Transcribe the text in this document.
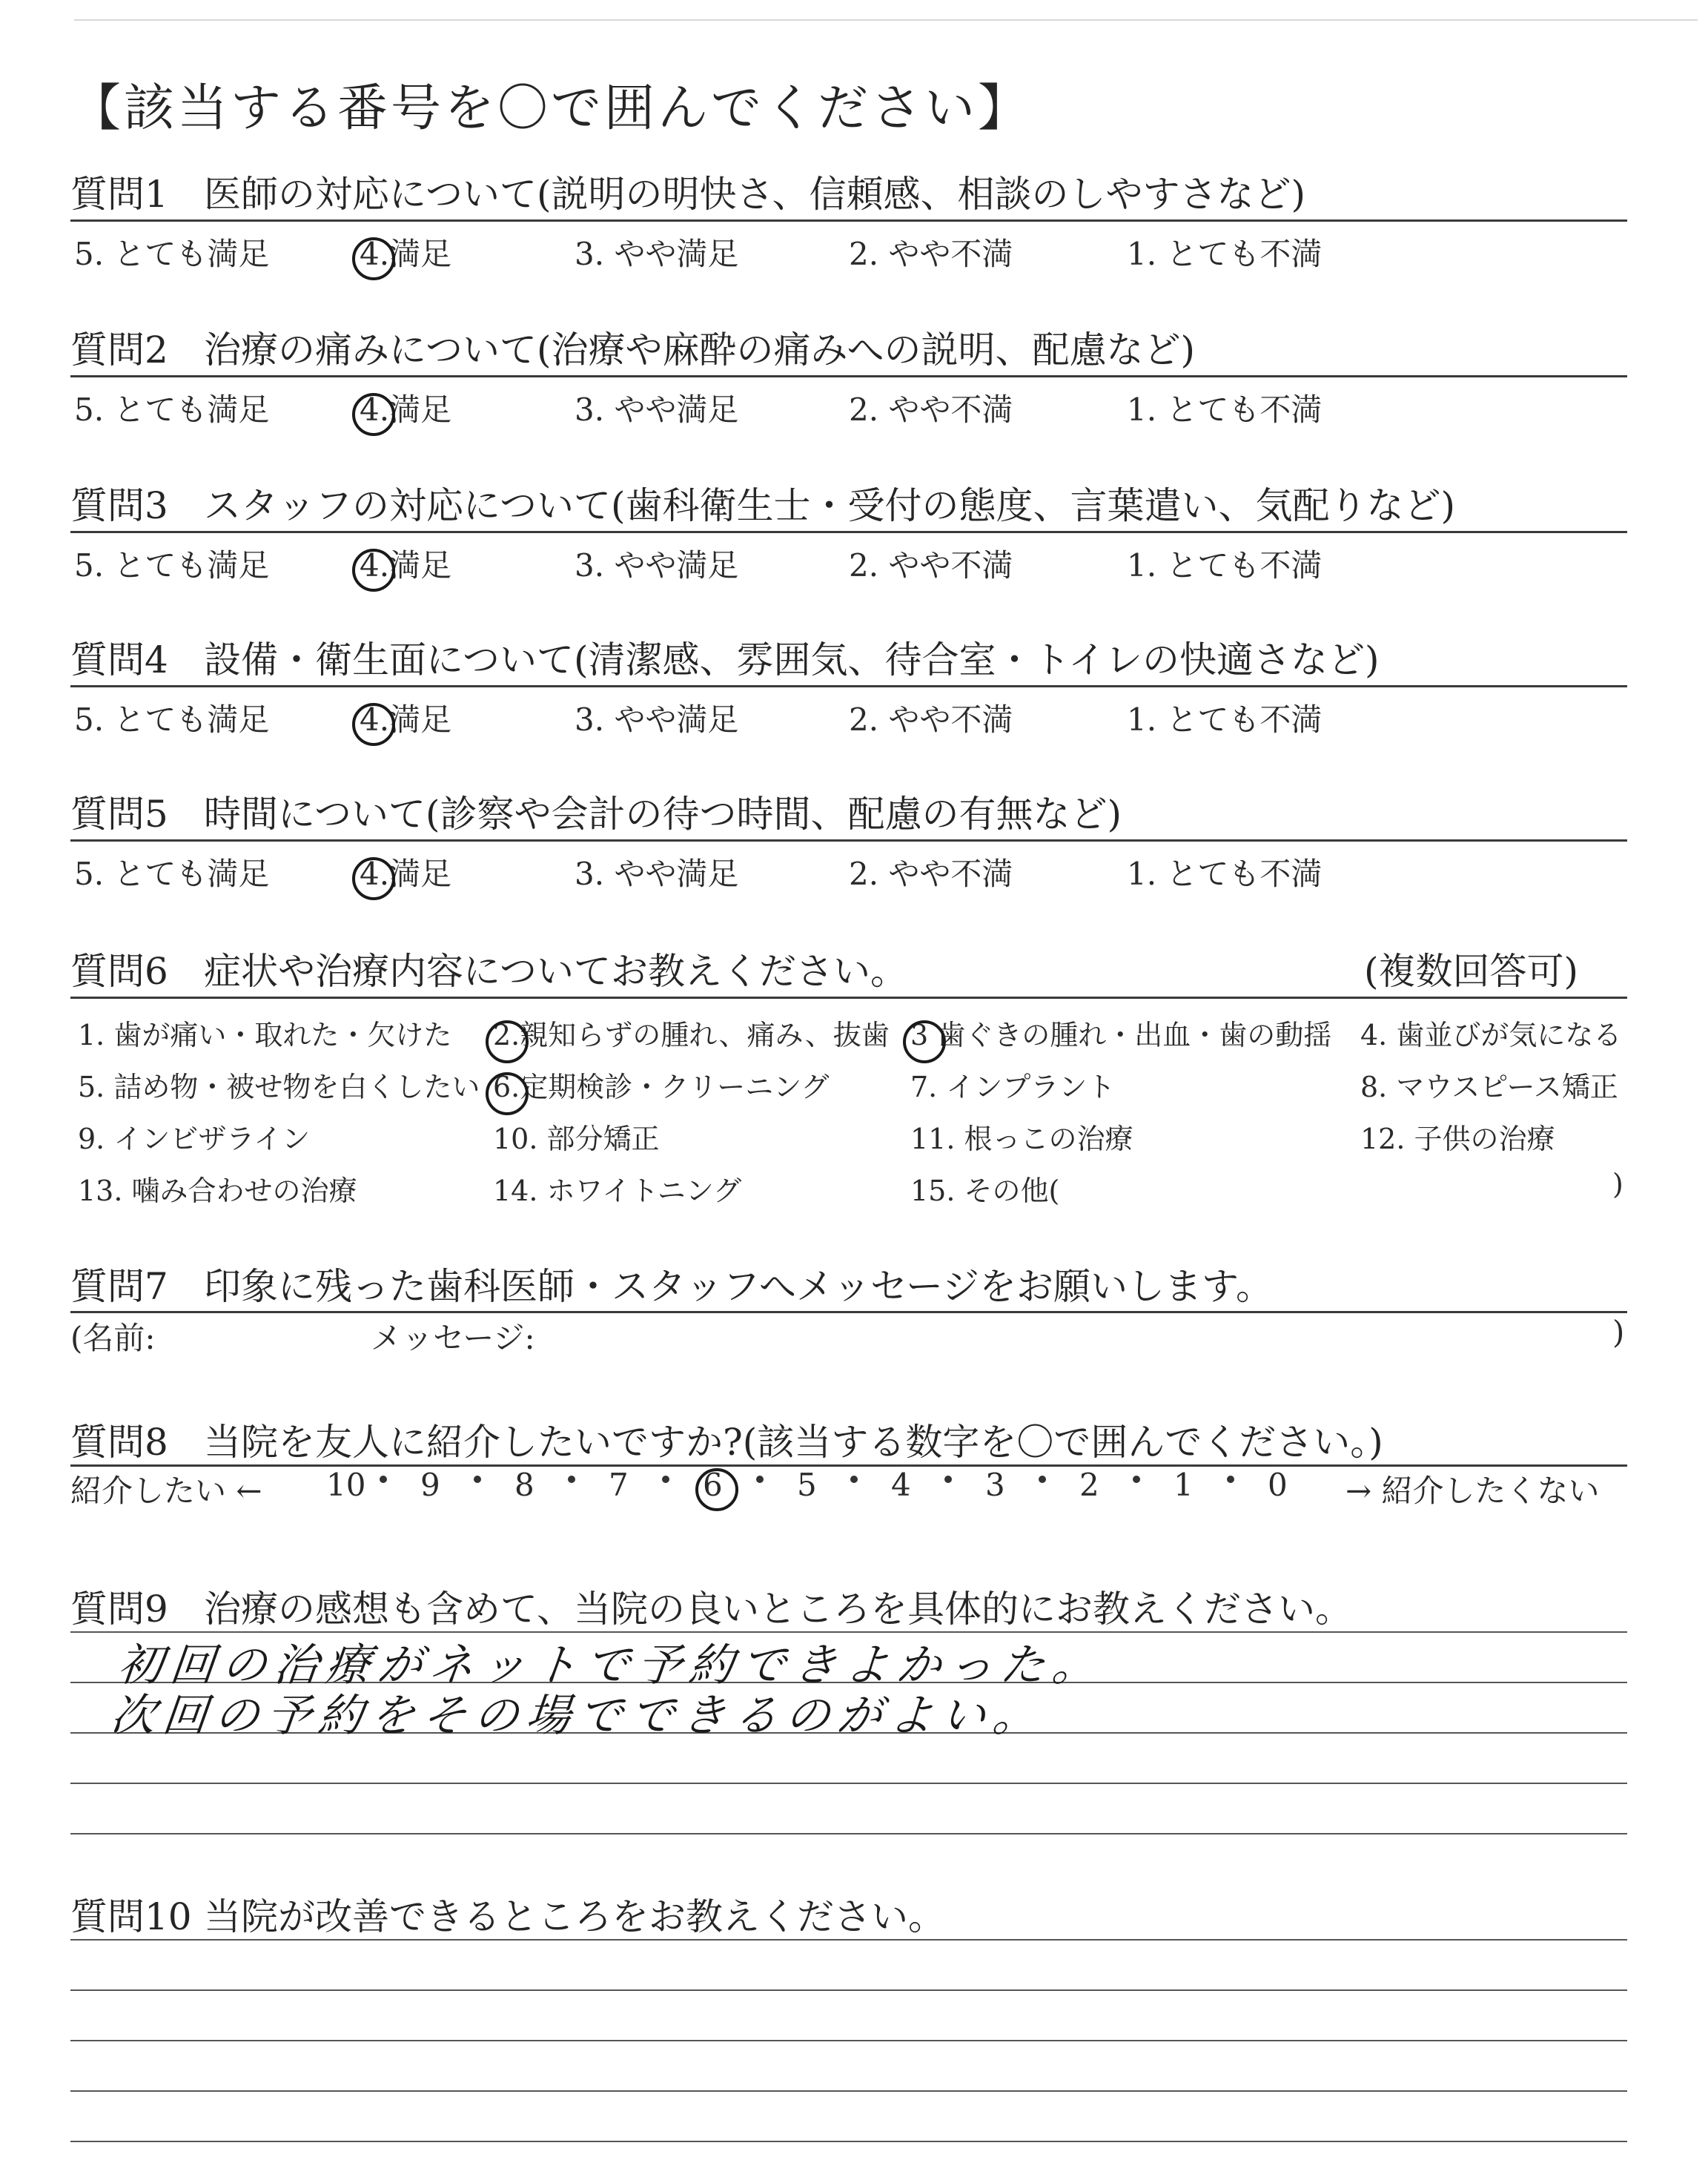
【該当する番号を〇で囲んでください】
質問1 医師の対応について(説明の明快さ、信頼感、相談のしやすさなど)
5. とても満足	4.満足	3. やや満足	2. やや不満	1. とても不満
質問2 治療の痛みについて(治療や麻酔の痛みへの説明、配慮など)
5. とても満足	4.満足	3. やや満足	2. やや不満	1. とても不満
質問3 スタッフの対応について(歯科衛生士・受付の態度、言葉遣い、気配りなど)
5. とても満足	4.満足	3. やや満足	2. やや不満	1. とても不満
質問4 設備・衛生面について(清潔感、雰囲気、待合室・トイレの快適さなど)
5. とても満足	4.満足	3. やや満足	2. やや不満	1. とても不満
質問5 時間について(診察や会計の待つ時間、配慮の有無など)
5. とても満足	4.満足	3. やや満足	2. やや不満	1. とても不満
質問6 症状や治療内容についてお教えください。	(複数回答可)
1. 歯が痛い・取れた・欠けた 2.親知らずの腫れ、痛み、抜歯 3 歯ぐきの腫れ・出血・歯の動揺 4. 歯並びが気になる
5. 詰め物・被せ物を白くしたい 6.定期検診・クリーニング	7. インプラント	8. マウスピース矯正
9. インビザライン	10. 部分矯正	11. 根っこの治療	12. 子供の治療
13. 噛み合わせの治療	14. ホワイトニング	15. その他(	)
質問7 印象に残った歯科医師・スタッフへメッセージをお願いします。
(名前:	メッセージ:	)
質問8 当院を友人に紹介したいですか?(該当する数字を〇で囲んでください。)
紹介したい ← 10 9 8 7 6 5 4 3 2 1 0 → 紹介したくない
質問9 治療の感想も含めて、当院の良いところを具体的にお教えください。
初回の治療がネットで予約できよかった。
次回の予約をその場でできるのがよい。
質問10 当院が改善できるところをお教えください。
